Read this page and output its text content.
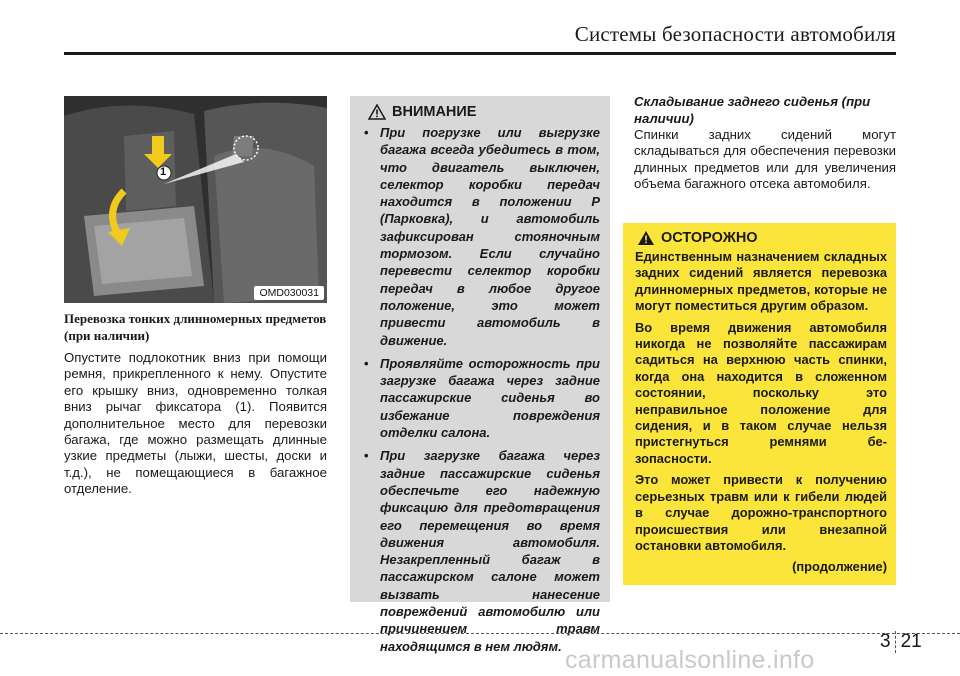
Системы безопасности автомобиля
1
OMD030031

Перевозка тонких длинномерных предметов (при наличии)

Опустите подлокотник вниз при помощи ремня, прикрепленного к нему. Опустите его крышку вниз, одновременно толкая вниз рычаг фиксатора (1). Появится дополнительное место для перевозки багажа, где можно размещать длинные узкие предметы (лыжи, шесты, доски и т.д.), не помещающиеся в багажное отделение.

ВНИМАНИЕ
• При погрузке или выгрузке багажа всегда убедитесь в том, что двигатель выключен, селектор коробки передач находится в положении P (Парковка), и автомобиль зафиксирован стояночным тормозом. Если случайно перевести селектор коробки передач в любое другое положение, это может привести автомобиль в движение.
• Проявляйте осторожность при загрузке багажа через задние пассажирские сиденья во избежание повреждения отделки салона.
• При загрузке багажа через задние пассажирские сиденья обеспечьте его надежную фиксацию для предотвращения его перемещения во время движения автомобиля. Незакрепленный багаж в пассажирском салоне может вызвать нанесение повреждений автомобилю или причинением травм находящимся в нем людям.

Складывание заднего сиденья (при наличии)

Спинки задних сидений могут складываться для обеспечения перевозки длинных предметов или для увеличения объема багажного отсека автомобиля.

ОСТОРОЖНО

Единственным назначением складных задних сидений является перевозка длинномерных предметов, которые не могут поместиться другим образом.

Во время движения автомобиля никогда не позволяйте пассажирам садиться на верхнюю часть спинки, когда она находится в сложенном состоянии, поскольку это неправильное положение для сидения, и в таком случае нельзя пристегнуться ремнями бе-зопасности.

Это может привести к получению серьезных травм или к гибели людей в случае дорожно-транспортного происшествия или внезапной остановки автомобиля.

(продолжение)

3 21
carmanualsonline.info
